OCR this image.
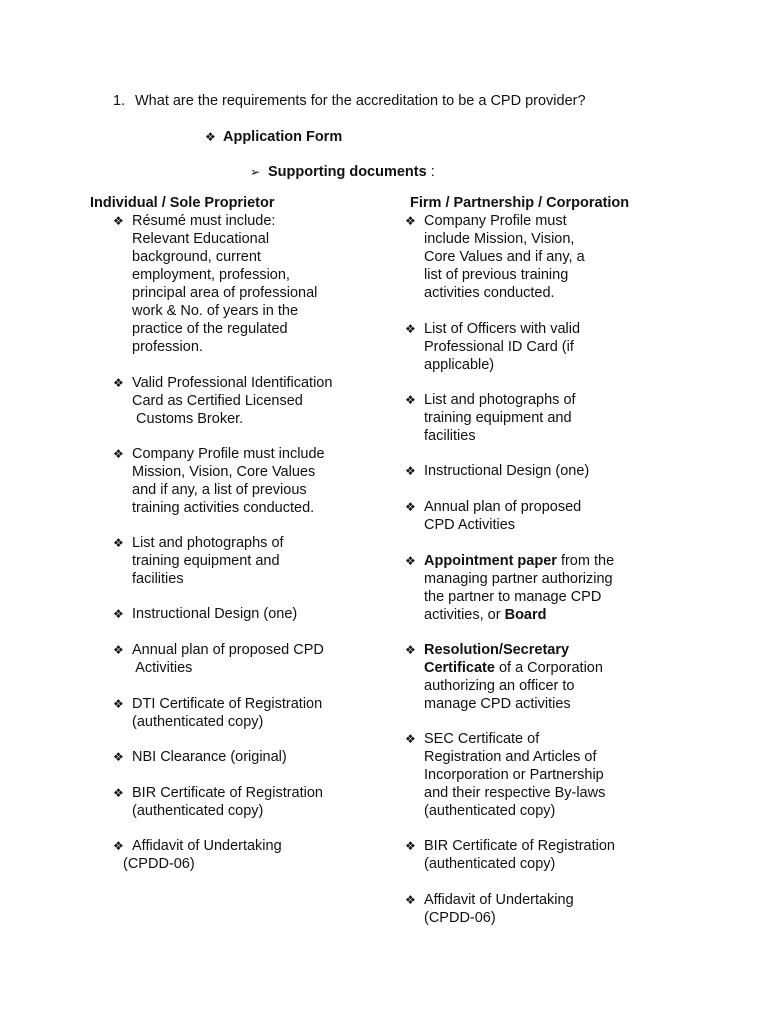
1. What are the requirements for the accreditation to be a CPD provider?
❖ Application Form
➢ Supporting documents :
Individual / Sole Proprietor	Firm / Partnership / Corporation
❖ Résumé must include:
Relevant Educational
background, current
employment, profession,
principal area of professional
work & No. of years in the
practice of the regulated
profession.
❖ Valid Professional Identification
Card as Certified Licensed
Customs Broker.
❖ Company Profile must include
Mission, Vision, Core Values
and if any, a list of previous
training activities conducted.
❖ List and photographs of
training equipment and
facilities
❖ Instructional Design (one)
❖ Annual plan of proposed CPD
Activities
❖ DTI Certificate of Registration
(authenticated copy)
❖ NBI Clearance (original)
❖ BIR Certificate of Registration
(authenticated copy)
❖ Affidavit of Undertaking
(CPDD-06)
❖ Company Profile must
include Mission, Vision,
Core Values and if any, a
list of previous training
activities conducted.
❖ List of Officers with valid
Professional ID Card (if
applicable)
❖ List and photographs of
training equipment and
facilities
❖ Instructional Design (one)
❖ Annual plan of proposed
CPD Activities
❖ Appointment paper from the
managing partner authorizing
the partner to manage CPD
activities, or Board
❖ Resolution/Secretary
Certificate of a Corporation
authorizing an officer to
manage CPD activities
❖ SEC Certificate of
Registration and Articles of
Incorporation or Partnership
and their respective By-laws
(authenticated copy)
❖ BIR Certificate of Registration
(authenticated copy)
❖ Affidavit of Undertaking
(CPDD-06)
